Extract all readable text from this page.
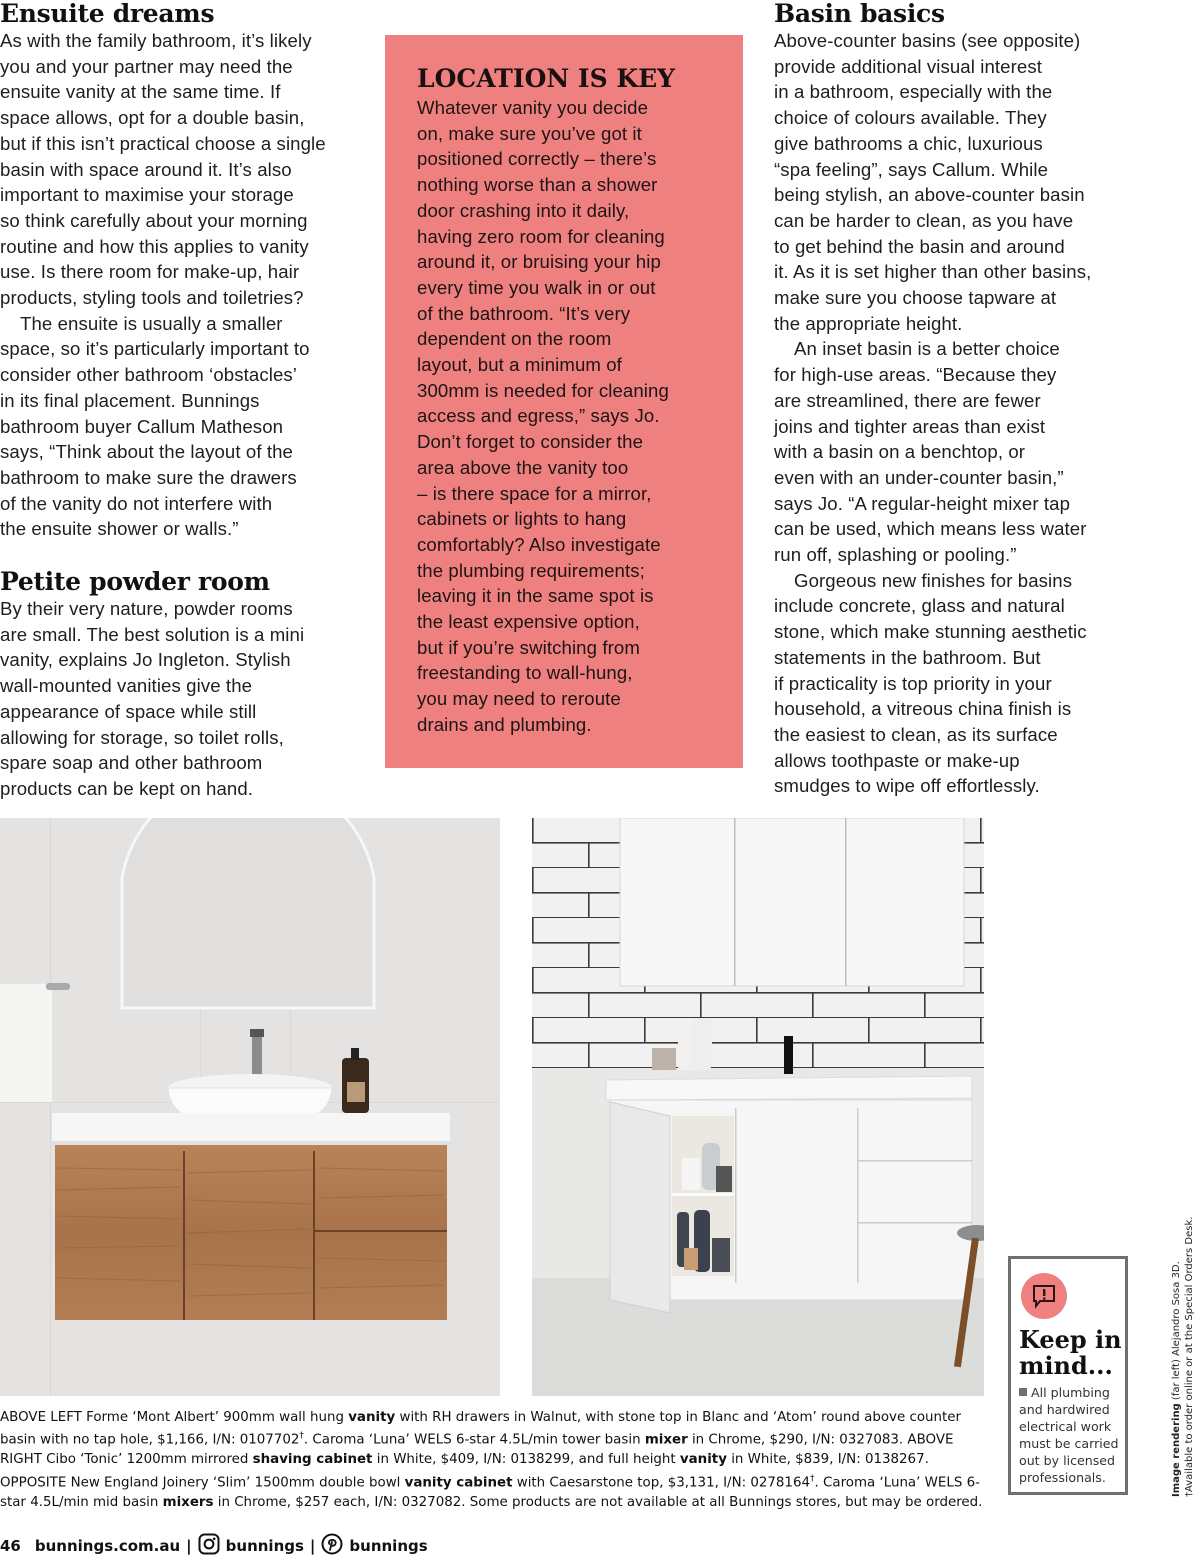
Ensuite dreams

As with the family bathroom, it’s likely
you and your partner may need the
ensuite vanity at the same time. If
space allows, opt for a double basin,
but if this isn’t practical choose a single
basin with space around it. It’s also
important to maximise your storage
so think carefully about your morning
routine and how this applies to vanity
use. Is there room for make-up, hair
products, styling tools and toiletries?
The ensuite is usually a smaller
space, so it’s particularly important to
consider other bathroom ‘obstacles’
in its final placement. Bunnings
bathroom buyer Callum Matheson
says, “Think about the layout of the
bathroom to make sure the drawers
of the vanity do not interfere with
the ensuite shower or walls.”

Petite powder room

By their very nature, powder rooms
are small. The best solution is a mini
vanity, explains Jo Ingleton. Stylish
wall-mounted vanities give the
appearance of space while still
allowing for storage, so toilet rolls,
spare soap and other bathroom
products can be kept on hand.

LOCATION IS KEY

Whatever vanity you decide
on, make sure you’ve got it
positioned correctly – there’s
nothing worse than a shower
door crashing into it daily,
having zero room for cleaning
around it, or bruising your hip
every time you walk in or out
of the bathroom. “It’s very
dependent on the room
layout, but a minimum of
300mm is needed for cleaning
access and egress,” says Jo.
Don’t forget to consider the
area above the vanity too
– is there space for a mirror,
cabinets or lights to hang
comfortably? Also investigate
the plumbing requirements;
leaving it in the same spot is
the least expensive option,
but if you’re switching from
freestanding to wall-hung,
you may need to reroute
drains and plumbing.

Basin basics

Above-counter basins (see opposite)
provide additional visual interest
in a bathroom, especially with the
choice of colours available. They
give bathrooms a chic, luxurious
“spa feeling”, says Callum. While
being stylish, an above-counter basin
can be harder to clean, as you have
to get behind the basin and around
it. As it is set higher than other basins,
make sure you choose tapware at
the appropriate height.
An inset basin is a better choice
for high-use areas. “Because they
are streamlined, there are fewer
joins and tighter areas than exist
with a basin on a benchtop, or
even with an under-counter basin,”
says Jo. “A regular-height mixer tap
can be used, which means less water
run off, splashing or pooling.”
Gorgeous new finishes for basins
include concrete, glass and natural
stone, which make stunning aesthetic
statements in the bathroom. But
if practicality is top priority in your
household, a vitreous china finish is
the easiest to clean, as its surface
allows toothpaste or make-up
smudges to wipe off effortlessly.

ABOVE LEFT Forme ‘Mont Albert’ 900mm wall hung vanity with RH drawers in Walnut, with stone top in Blanc and ‘Atom’ round above counter basin with no tap hole, $1,166, I/N: 0107702†. Caroma ‘Luna’ WELS 6-star 4.5L/min tower basin mixer in Chrome, $290, I/N: 0327083. ABOVE RIGHT Cibo ‘Tonic’ 1200mm mirrored shaving cabinet in White, $409, I/N: 0138299, and full height vanity in White, $839, I/N: 0138267. OPPOSITE New England Joinery ‘Slim’ 1500mm double bowl vanity cabinet with Caesarstone top, $3,131, I/N: 0278164†. Caroma ‘Luna’ WELS 6-star 4.5L/min mid basin mixers in Chrome, $257 each, I/N: 0327082. Some products are not available at all Bunnings stores, but may be ordered.
Keep in
mind...
All plumbing and hardwired electrical work must be carried out by licensed professionals.	Image rendering (far left) Alejandro Sosa 3D. †Available to order online or at the Special Orders Desk.
46 bunnings.com.au | bunnings | bunnings
